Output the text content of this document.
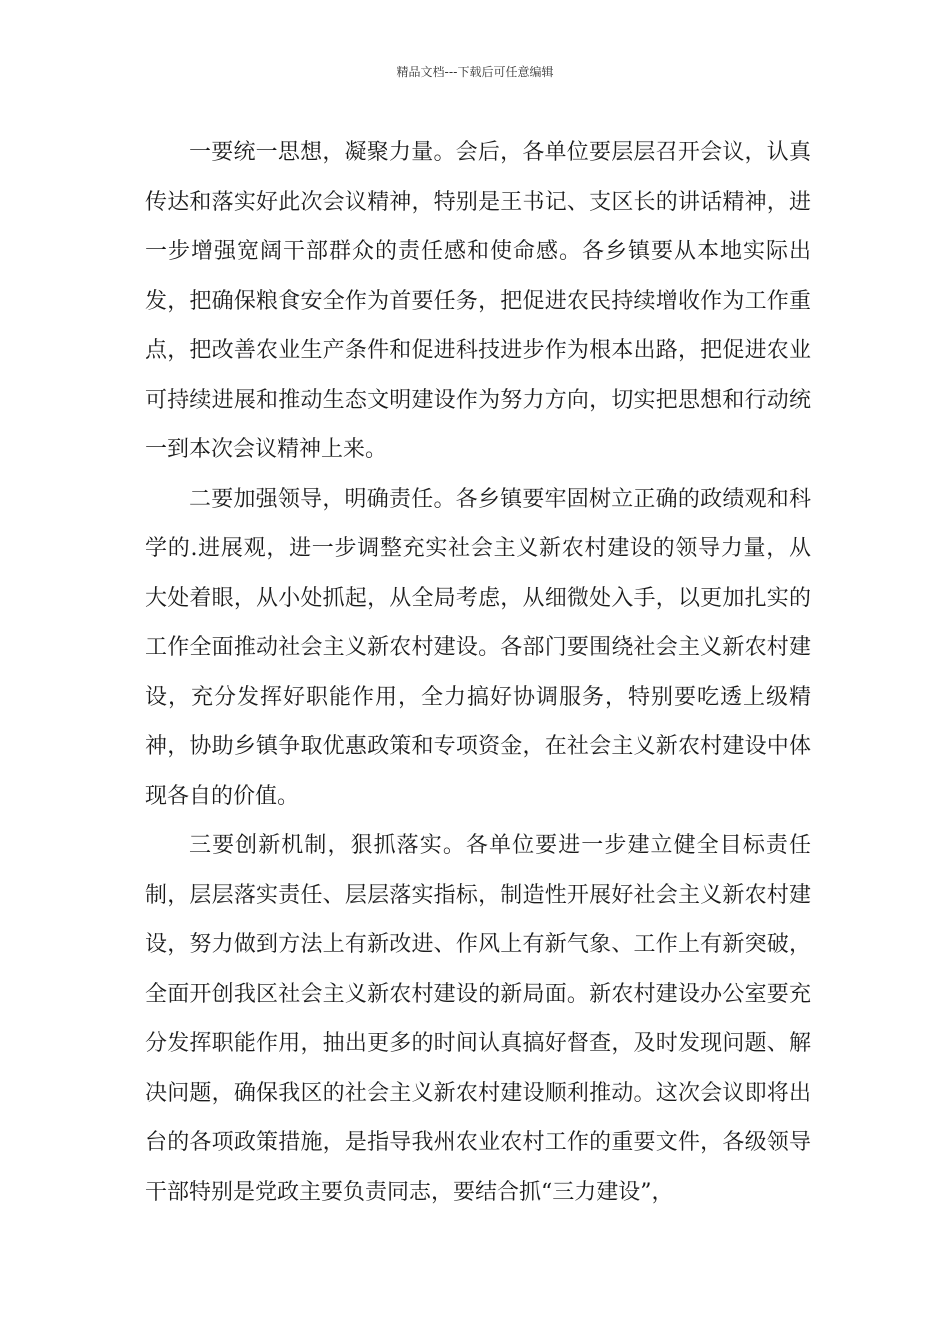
精品文档---下载后可任意编辑

一要统一思想，凝聚力量。会后，各单位要层层召开会议，认真传达和落实好此次会议精神，特别是王书记、支区长的讲话精神，进一步增强宽阔干部群众的责任感和使命感。各乡镇要从本地实际出发，把确保粮食安全作为首要任务，把促进农民持续增收作为工作重点，把改善农业生产条件和促进科技进步作为根本出路，把促进农业可持续进展和推动生态文明建设作为努力方向，切实把思想和行动统一到本次会议精神上来。

二要加强领导，明确责任。各乡镇要牢固树立正确的政绩观和科学的.进展观，进一步调整充实社会主义新农村建设的领导力量，从大处着眼，从小处抓起，从全局考虑，从细微处入手，以更加扎实的工作全面推动社会主义新农村建设。各部门要围绕社会主义新农村建设，充分发挥好职能作用，全力搞好协调服务，特别要吃透上级精神，协助乡镇争取优惠政策和专项资金，在社会主义新农村建设中体现各自的价值。

三要创新机制，狠抓落实。各单位要进一步建立健全目标责任制，层层落实责任、层层落实指标，制造性开展好社会主义新农村建设，努力做到方法上有新改进、作风上有新气象、工作上有新突破，全面开创我区社会主义新农村建设的新局面。新农村建设办公室要充分发挥职能作用，抽出更多的时间认真搞好督查，及时发现问题、解决问题，确保我区的社会主义新农村建设顺利推动。这次会议即将出台的各项政策措施，是指导我州农业农村工作的重要文件，各级领导干部特别是党政主要负责同志，要结合抓“三力建设”，
